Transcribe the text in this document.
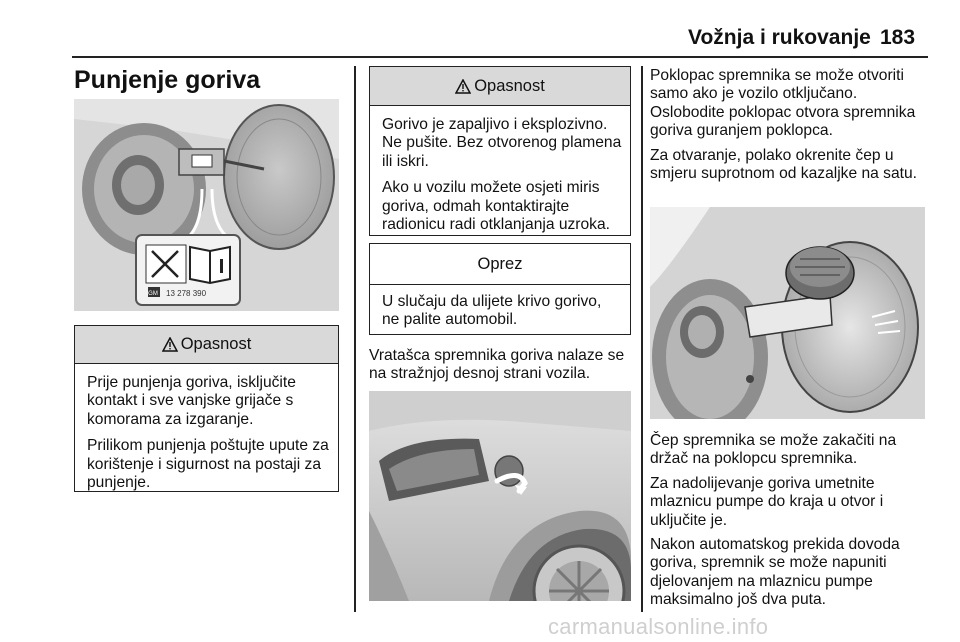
Vožnja i rukovanje 183
Punjenje goriva
GM 13 278 390
Opasnost

Prije punjenja goriva, isključite kontakt i sve vanjske grijače s komorama za izgaranje.

Prilikom punjenja poštujte upute za korištenje i sigurnost na postaji za punjenje.

Opasnost

Gorivo je zapaljivo i eksplozivno. Ne pušite. Bez otvorenog plamena ili iskri.

Ako u vozilu možete osjeti miris goriva, odmah kontaktirajte radionicu radi otklanjanja uzroka.

Oprez

U slučaju da ulijete krivo gorivo, ne palite automobil.

Vratašca spremnika goriva nalaze se na stražnjoj desnoj strani vozila.

Poklopac spremnika se može otvoriti samo ako je vozilo otključano. Oslobodite poklopac otvora spremnika goriva guranjem poklopca.

Za otvaranje, polako okrenite čep u smjeru suprotnom od kazaljke na satu.

Čep spremnika se može zakačiti na držač na poklopcu spremnika.

Za nadolijevanje goriva umetnite mlaznicu pumpe do kraja u otvor i uključite je.

Nakon automatskog prekida dovoda goriva, spremnik se može napuniti djelovanjem na mlaznicu pumpe maksimalno još dva puta.

carmanualsonline.info
